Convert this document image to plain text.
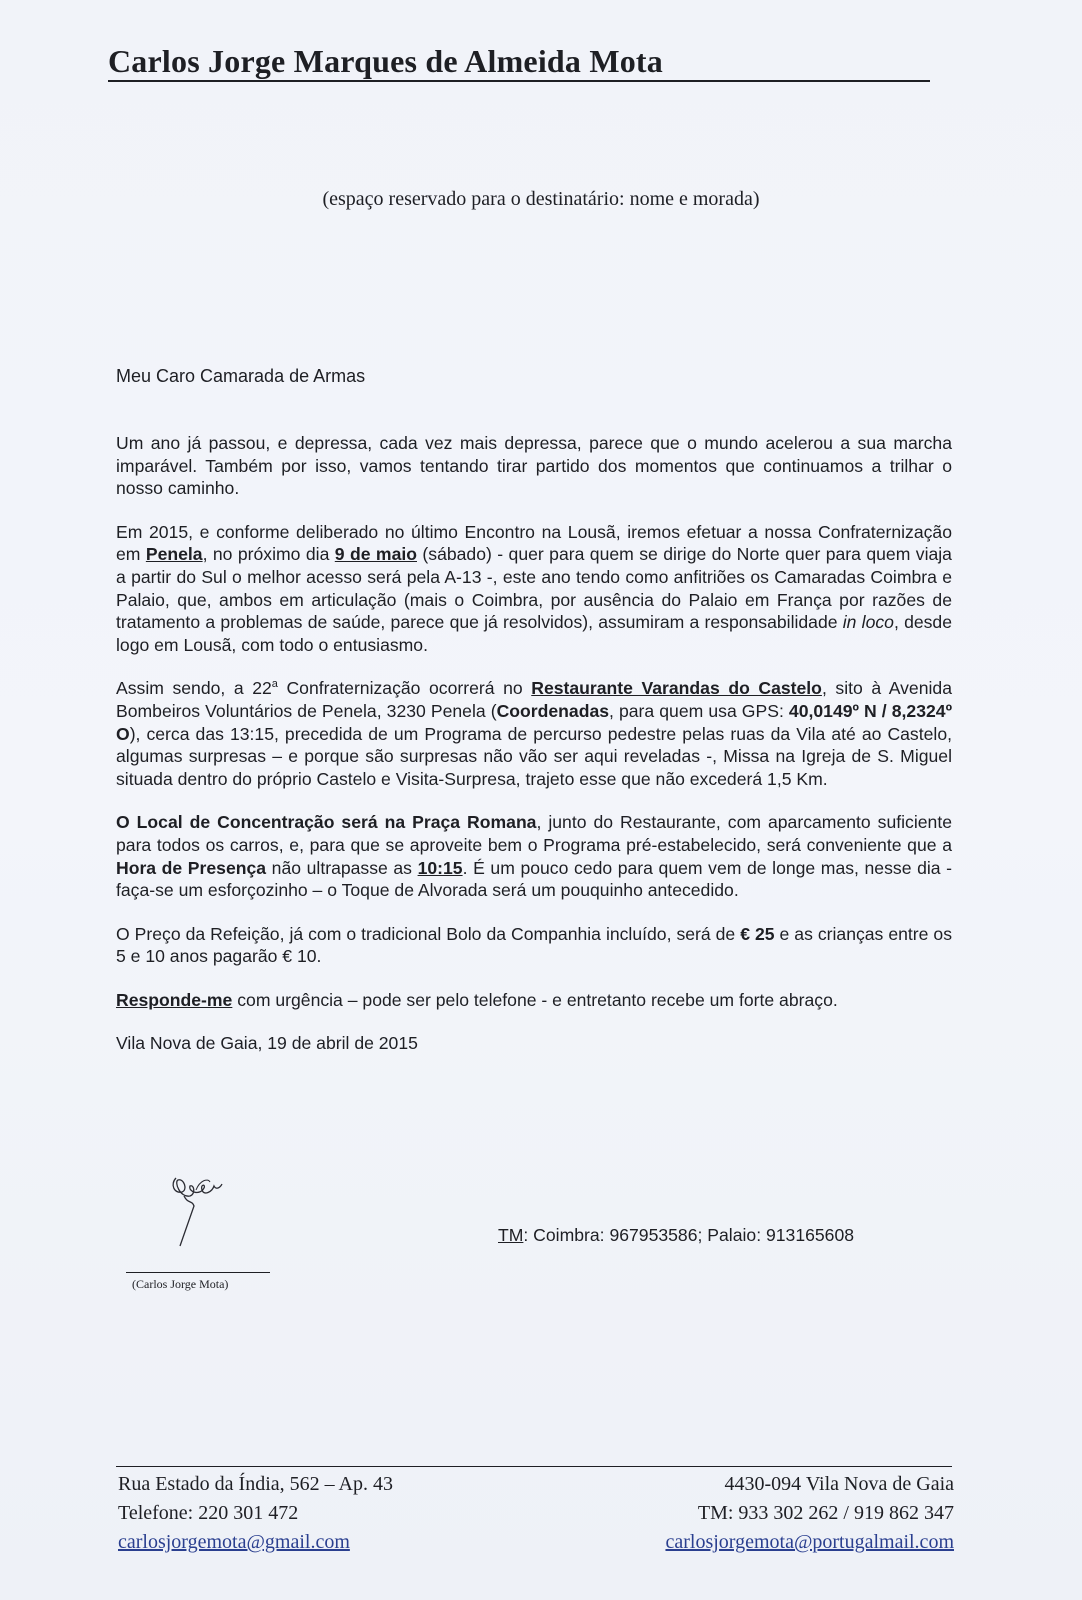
Carlos Jorge Marques de Almeida Mota
(espaço reservado para o destinatário: nome e morada)
Meu Caro Camarada de Armas

Um ano já passou, e depressa, cada vez mais depressa, parece que o mundo acelerou a sua marcha imparável. Também por isso, vamos tentando tirar partido dos momentos que continuamos a trilhar o nosso caminho.

Em 2015, e conforme deliberado no último Encontro na Lousã, iremos efetuar a nossa Confraternização em Penela, no próximo dia 9 de maio (sábado) - quer para quem se dirige do Norte quer para quem viaja a partir do Sul o melhor acesso será pela A-13 -, este ano tendo como anfitriões os Camaradas Coimbra e Palaio, que, ambos em articulação (mais o Coimbra, por ausência do Palaio em França por razões de tratamento a problemas de saúde, parece que já resolvidos), assumiram a responsabilidade in loco, desde logo em Lousã, com todo o entusiasmo.

Assim sendo, a 22$^a$ Confraternização ocorrerá no Restaurante Varandas do Castelo, sito à Avenida Bombeiros Voluntários de Penela, 3230 Penela (Coordenadas, para quem usa GPS: 40,0149º N / 8,2324º O), cerca das 13:15, precedida de um Programa de percurso pedestre pelas ruas da Vila até ao Castelo, algumas surpresas – e porque são surpresas não vão ser aqui reveladas -, Missa na Igreja de S. Miguel situada dentro do próprio Castelo e Visita-Surpresa, trajeto esse que não excederá 1,5 Km.

O Local de Concentração será na Praça Romana, junto do Restaurante, com aparcamento suficiente para todos os carros, e, para que se aproveite bem o Programa pré-estabelecido, será conveniente que a Hora de Presença não ultrapasse as 10:15. É um pouco cedo para quem vem de longe mas, nesse dia - faça-se um esforçozinho – o Toque de Alvorada será um pouquinho antecedido.

O Preço da Refeição, já com o tradicional Bolo da Companhia incluído, será de € 25 e as crianças entre os 5 e 10 anos pagarão € 10.

Responde-me com urgência – pode ser pelo telefone - e entretanto recebe um forte abraço.

Vila Nova de Gaia, 19 de abril de 2015

(Carlos Jorge Mota)
TM: Coimbra: 967953586; Palaio: 913165608
Rua Estado da Índia, 562 – Ap. 43
Telefone: 220 301 472
carlosjorgemota@gmail.com
4430-094 Vila Nova de Gaia
TM: 933 302 262 / 919 862 347
carlosjorgemota@portugalmail.com
